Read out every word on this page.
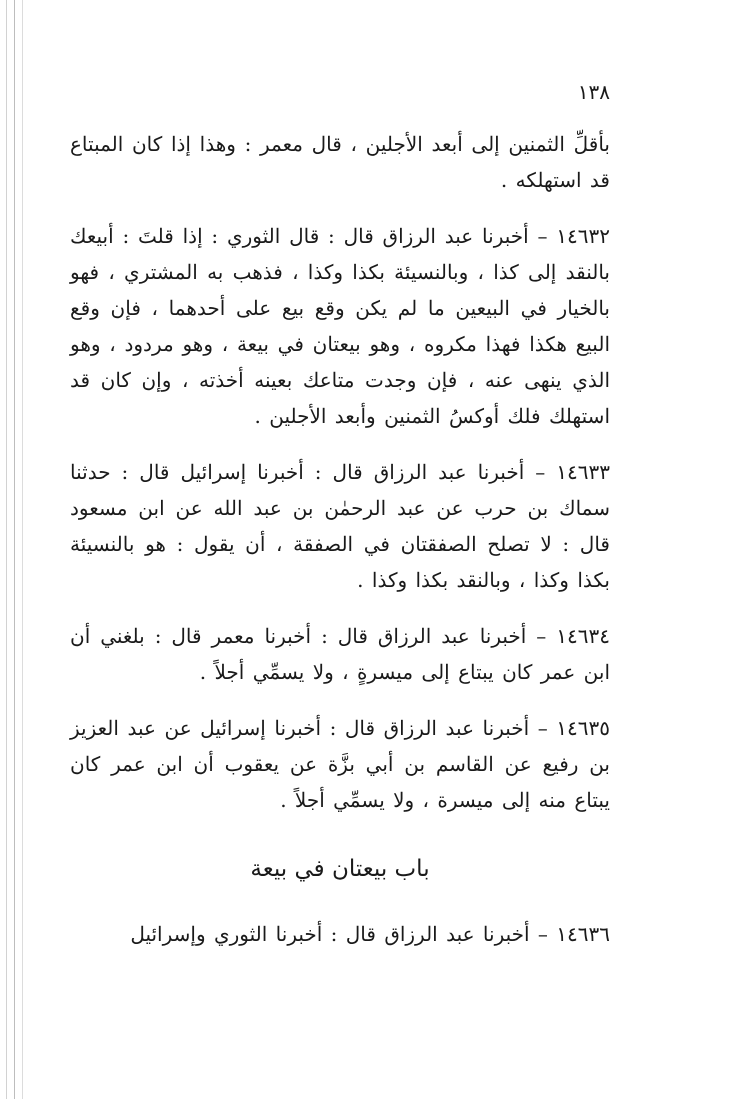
١٣٨

بأقلِّ الثمنين إلى أبعد الأجلين ، قال معمر : وهذا إذا كان المبتاع قد استهلكه .

١٤٦٣٢ – أخبرنا عبد الرزاق قال : قال الثوري : إذا قلتَ : أبيعك بالنقد إلى كذا ، وبالنسيئة بكذا وكذا ، فذهب به المشتري ، فهو بالخيار في البيعين ما لم يكن وقع بيع على أحدهما ، فإن وقع البيع هكذا فهذا مكروه ، وهو بيعتان في بيعة ، وهو مردود ، وهو الذي ينهى عنه ، فإن وجدت متاعك بعينه أخذته ، وإن كان قد استهلك فلك أوكسُ الثمنين وأبعد الأجلين .

١٤٦٣٣ – أخبرنا عبد الرزاق قال : أخبرنا إسرائيل قال : حدثنا سماك بن حرب عن عبد الرحمٰن بن عبد الله عن ابن مسعود قال : لا تصلح الصفقتان في الصفقة ، أن يقول : هو بالنسيئة بكذا وكذا ، وبالنقد بكذا وكذا .

١٤٦٣٤ – أخبرنا عبد الرزاق قال : أخبرنا معمر قال : بلغني أن ابن عمر كان يبتاع إلى ميسرةٍ ، ولا يسمِّي أجلاً .

١٤٦٣٥ – أخبرنا عبد الرزاق قال : أخبرنا إسرائيل عن عبد العزيز بن رفيع عن القاسم بن أبي بزَّة عن يعقوب أن ابن عمر كان يبتاع منه إلى ميسرة ، ولا يسمِّي أجلاً .

باب بيعتان في بيعة

١٤٦٣٦ – أخبرنا عبد الرزاق قال : أخبرنا الثوري وإسرائيل
